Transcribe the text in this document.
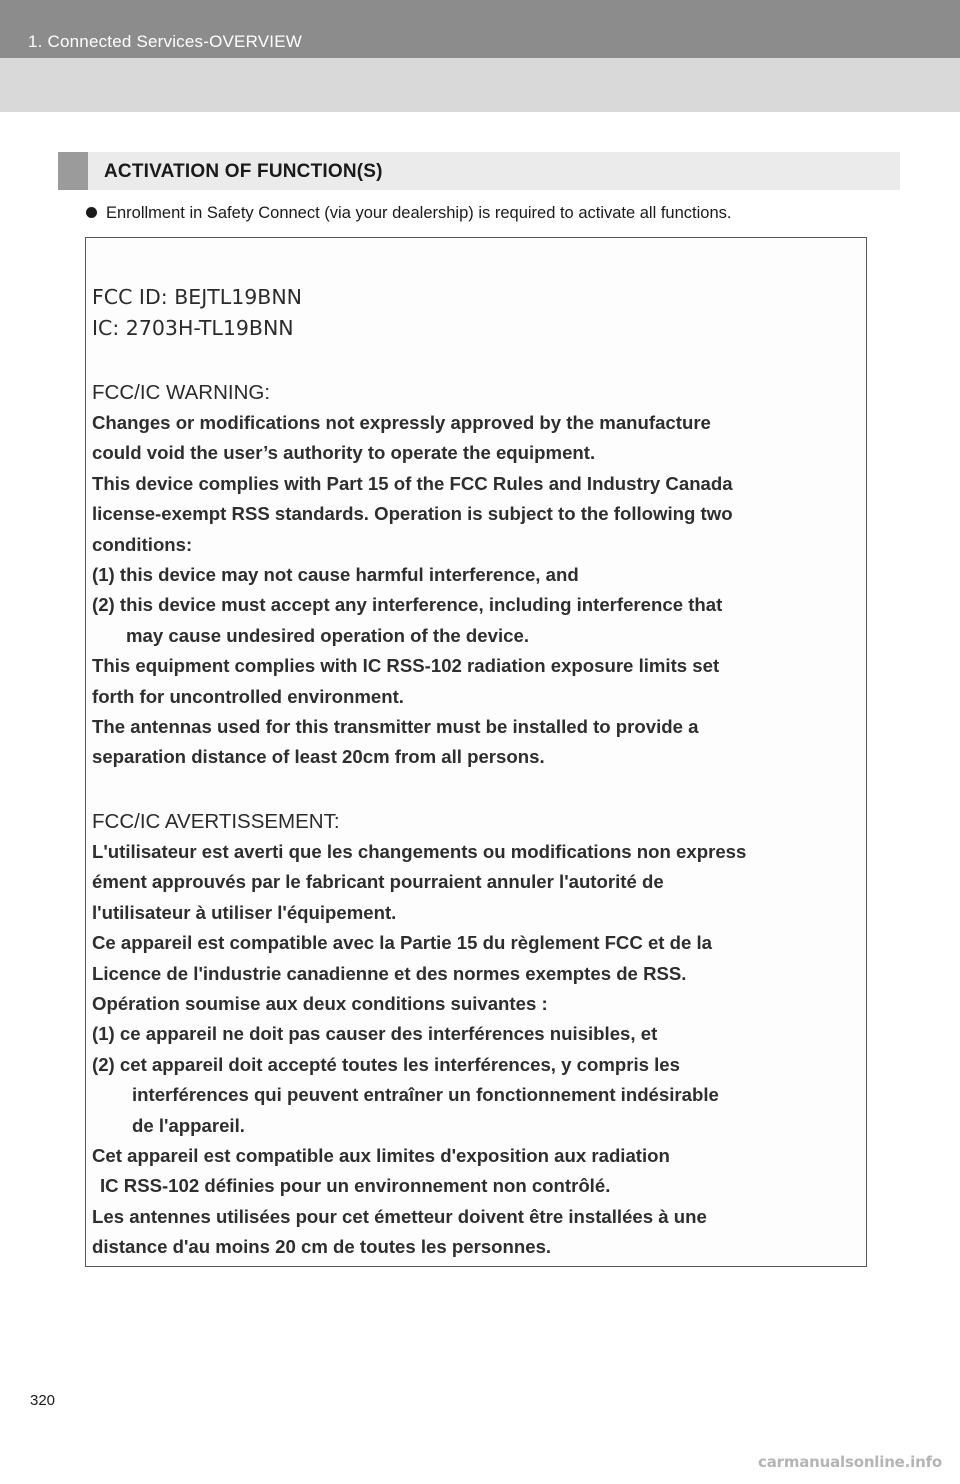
1. Connected Services-OVERVIEW
ACTIVATION OF FUNCTION(S)
Enrollment in Safety Connect (via your dealership) is required to activate all functions.
FCC ID: BEJTL19BNN
IC: 2703H-TL19BNN
FCC/IC WARNING:
Changes or modifications not expressly approved by the manufacture
could void the user’s authority to operate the equipment.
This device complies with Part 15 of the FCC Rules and Industry Canada
license-exempt RSS standards. Operation is subject to the following two
conditions:
(1) this device may not cause harmful interference, and
(2) this device must accept any interference, including interference that
may cause undesired operation of the device.
This equipment complies with IC RSS-102 radiation exposure limits set
forth for uncontrolled environment.
The antennas used for this transmitter must be installed to provide a
separation distance of least 20cm from all persons.
FCC/IC AVERTISSEMENT:
L'utilisateur est averti que les changements ou modifications non express
ément approuvés par le fabricant pourraient annuler l'autorité de
l'utilisateur à utiliser l'équipement.
Ce appareil est compatible avec la Partie 15 du règlement FCC et de la
Licence de l'industrie canadienne et des normes exemptes de RSS.
Opération soumise aux deux conditions suivantes :
(1) ce appareil ne doit pas causer des interférences nuisibles, et
(2) cet appareil doit accepté toutes les interférences, y compris les
interférences qui peuvent entraîner un fonctionnement indésirable
de l'appareil.
Cet appareil est compatible aux limites d'exposition aux radiation
IC RSS-102 définies pour un environnement non contrôlé.
Les antennes utilisées pour cet émetteur doivent être installées à une
distance d'au moins 20 cm de toutes les personnes.
320
carmanualsonline.info
